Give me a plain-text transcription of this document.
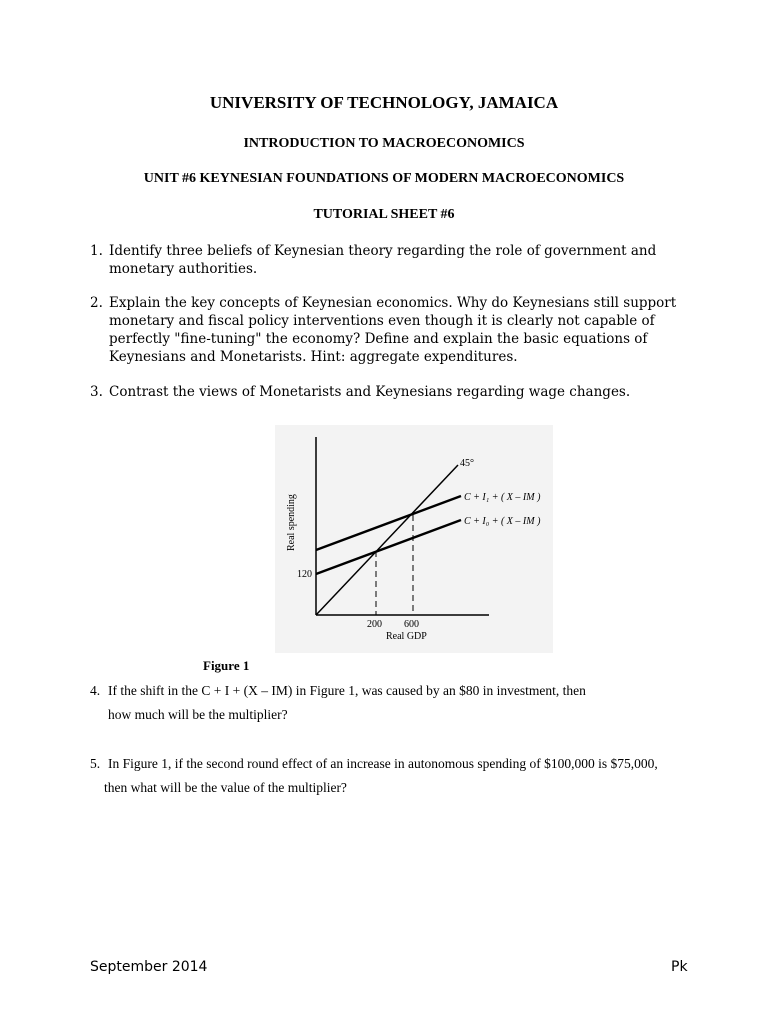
UNIVERSITY OF TECHNOLOGY, JAMAICA
INTRODUCTION TO MACROECONOMICS
UNIT #6 KEYNESIAN FOUNDATIONS OF MODERN MACROECONOMICS
TUTORIAL SHEET #6
1. Identify three beliefs of Keynesian theory regarding the role of government and monetary authorities.
2. Explain the key concepts of Keynesian economics. Why do Keynesians still support monetary and fiscal policy interventions even though it is clearly not capable of perfectly "fine-tuning" the economy? Define and explain the basic equations of Keynesians and Monetarists. Hint: aggregate expenditures.
3. Contrast the views of Monetarists and Keynesians regarding wage changes.
45°
C + I₁ + ( X – IM )
C + I₀ + ( X – IM )
120
200 600
Real GDP
Real spending
Figure 1
4. If the shift in the C + I + (X – IM) in Figure 1, was caused by an $80 in investment, then
how much will be the multiplier?
5. In Figure 1, if the second round effect of an increase in autonomous spending of $100,000 is $75,000,
then what will be the value of the multiplier?
September 2014	Pk
